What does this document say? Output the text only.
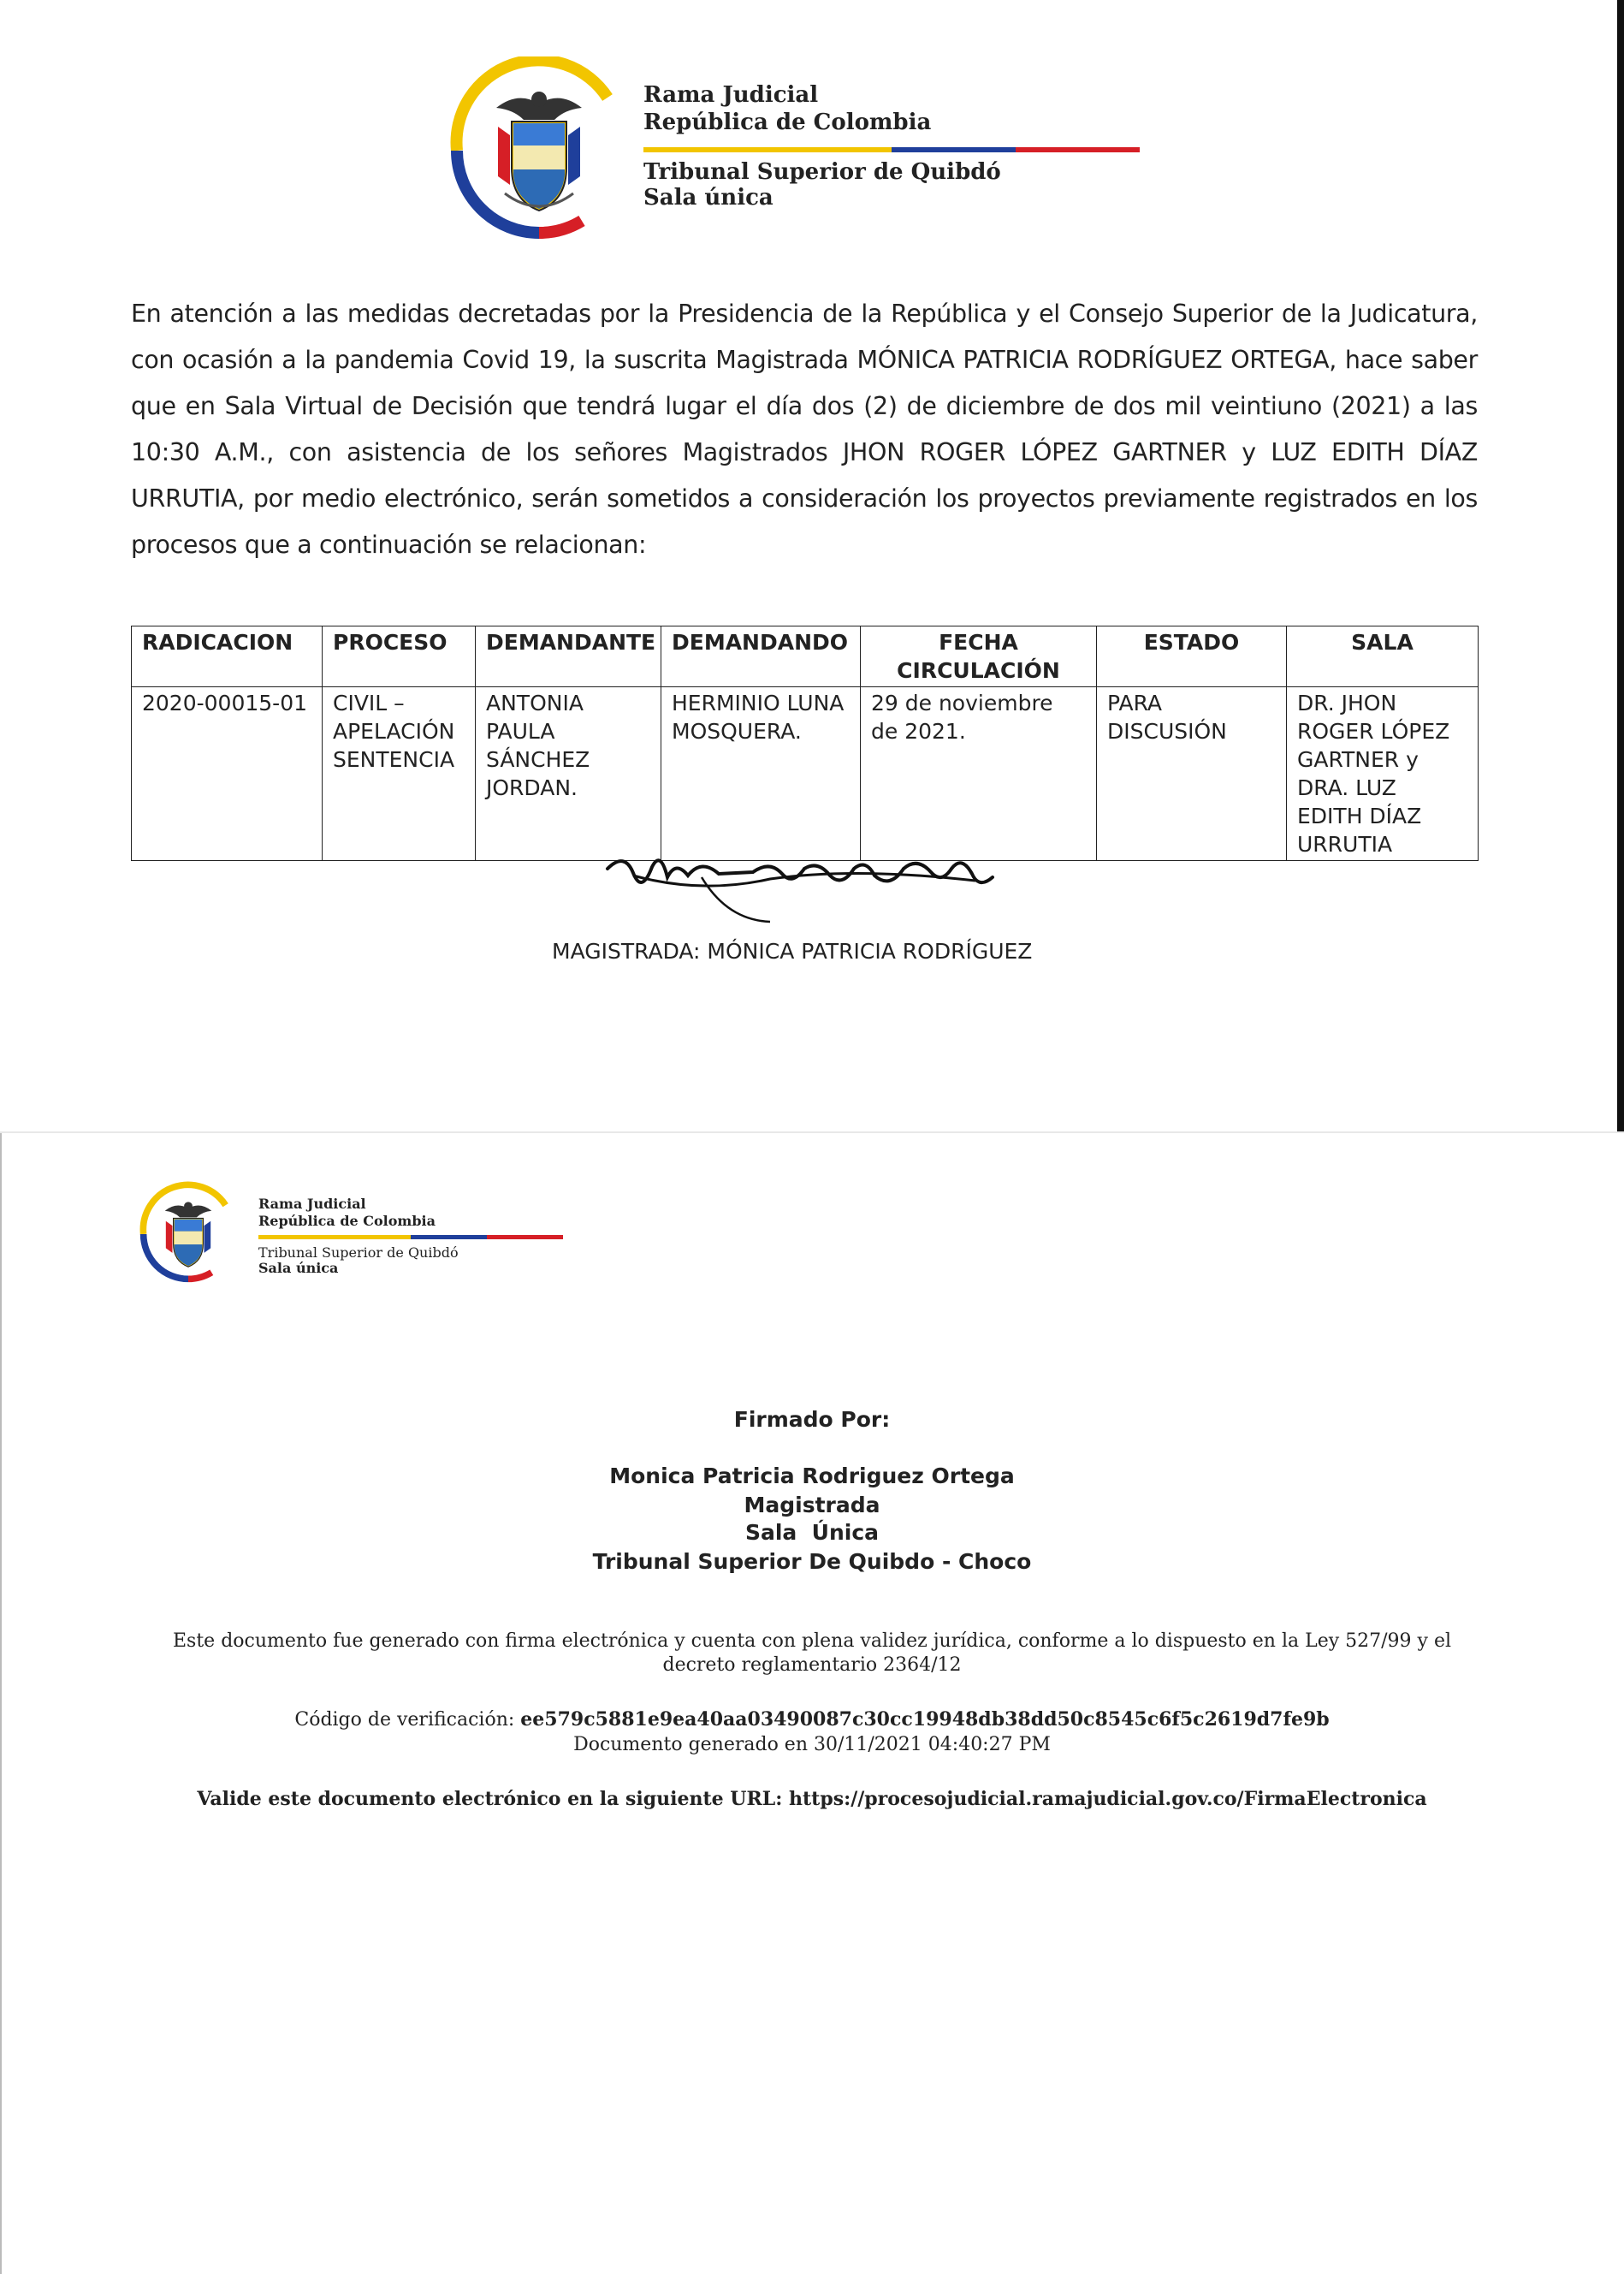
Rama Judicial
República de Colombia
Tribunal Superior de Quibdó
Sala única
En atención a las medidas decretadas por la Presidencia de la República y el Consejo Superior de la Judicatura, con ocasión a la pandemia Covid 19, la suscrita Magistrada MÓNICA PATRICIA RODRÍGUEZ ORTEGA, hace saber que en Sala Virtual de Decisión que tendrá lugar el día dos (2) de diciembre de dos mil veintiuno (2021) a las 10:30 A.M., con asistencia de los señores Magistrados JHON ROGER LÓPEZ GARTNER y LUZ EDITH DÍAZ URRUTIA, por medio electrónico, serán sometidos a consideración los proyectos previamente registrados en los procesos que a continuación se relacionan:
RADICACION	PROCESO	DEMANDANTE	DEMANDANDO	FECHA CIRCULACIÓN	ESTADO	SALA
2020-00015-01	CIVIL – APELACIÓN SENTENCIA	ANTONIA PAULA SÁNCHEZ JORDAN.	HERMINIO LUNA MOSQUERA.	29 de noviembre de 2021.	PARA DISCUSIÓN	DR. JHON ROGER LÓPEZ GARTNER y DRA. LUZ EDITH DÍAZ URRUTIA
MAGISTRADA: MÓNICA PATRICIA RODRÍGUEZ
Rama Judicial
República de Colombia
Tribunal Superior de Quibdó
Sala única
Firmado Por:
Monica Patricia Rodriguez Ortega
Magistrada
Sala  Única
Tribunal Superior De Quibdo - Choco
Este documento fue generado con firma electrónica y cuenta con plena validez jurídica, conforme a lo dispuesto en la Ley 527/99 y el decreto reglamentario 2364/12
Código de verificación: ee579c5881e9ea40aa03490087c30cc19948db38dd50c8545c6f5c2619d7fe9b
Documento generado en 30/11/2021 04:40:27 PM
Valide este documento electrónico en la siguiente URL: https://procesojudicial.ramajudicial.gov.co/FirmaElectronica
